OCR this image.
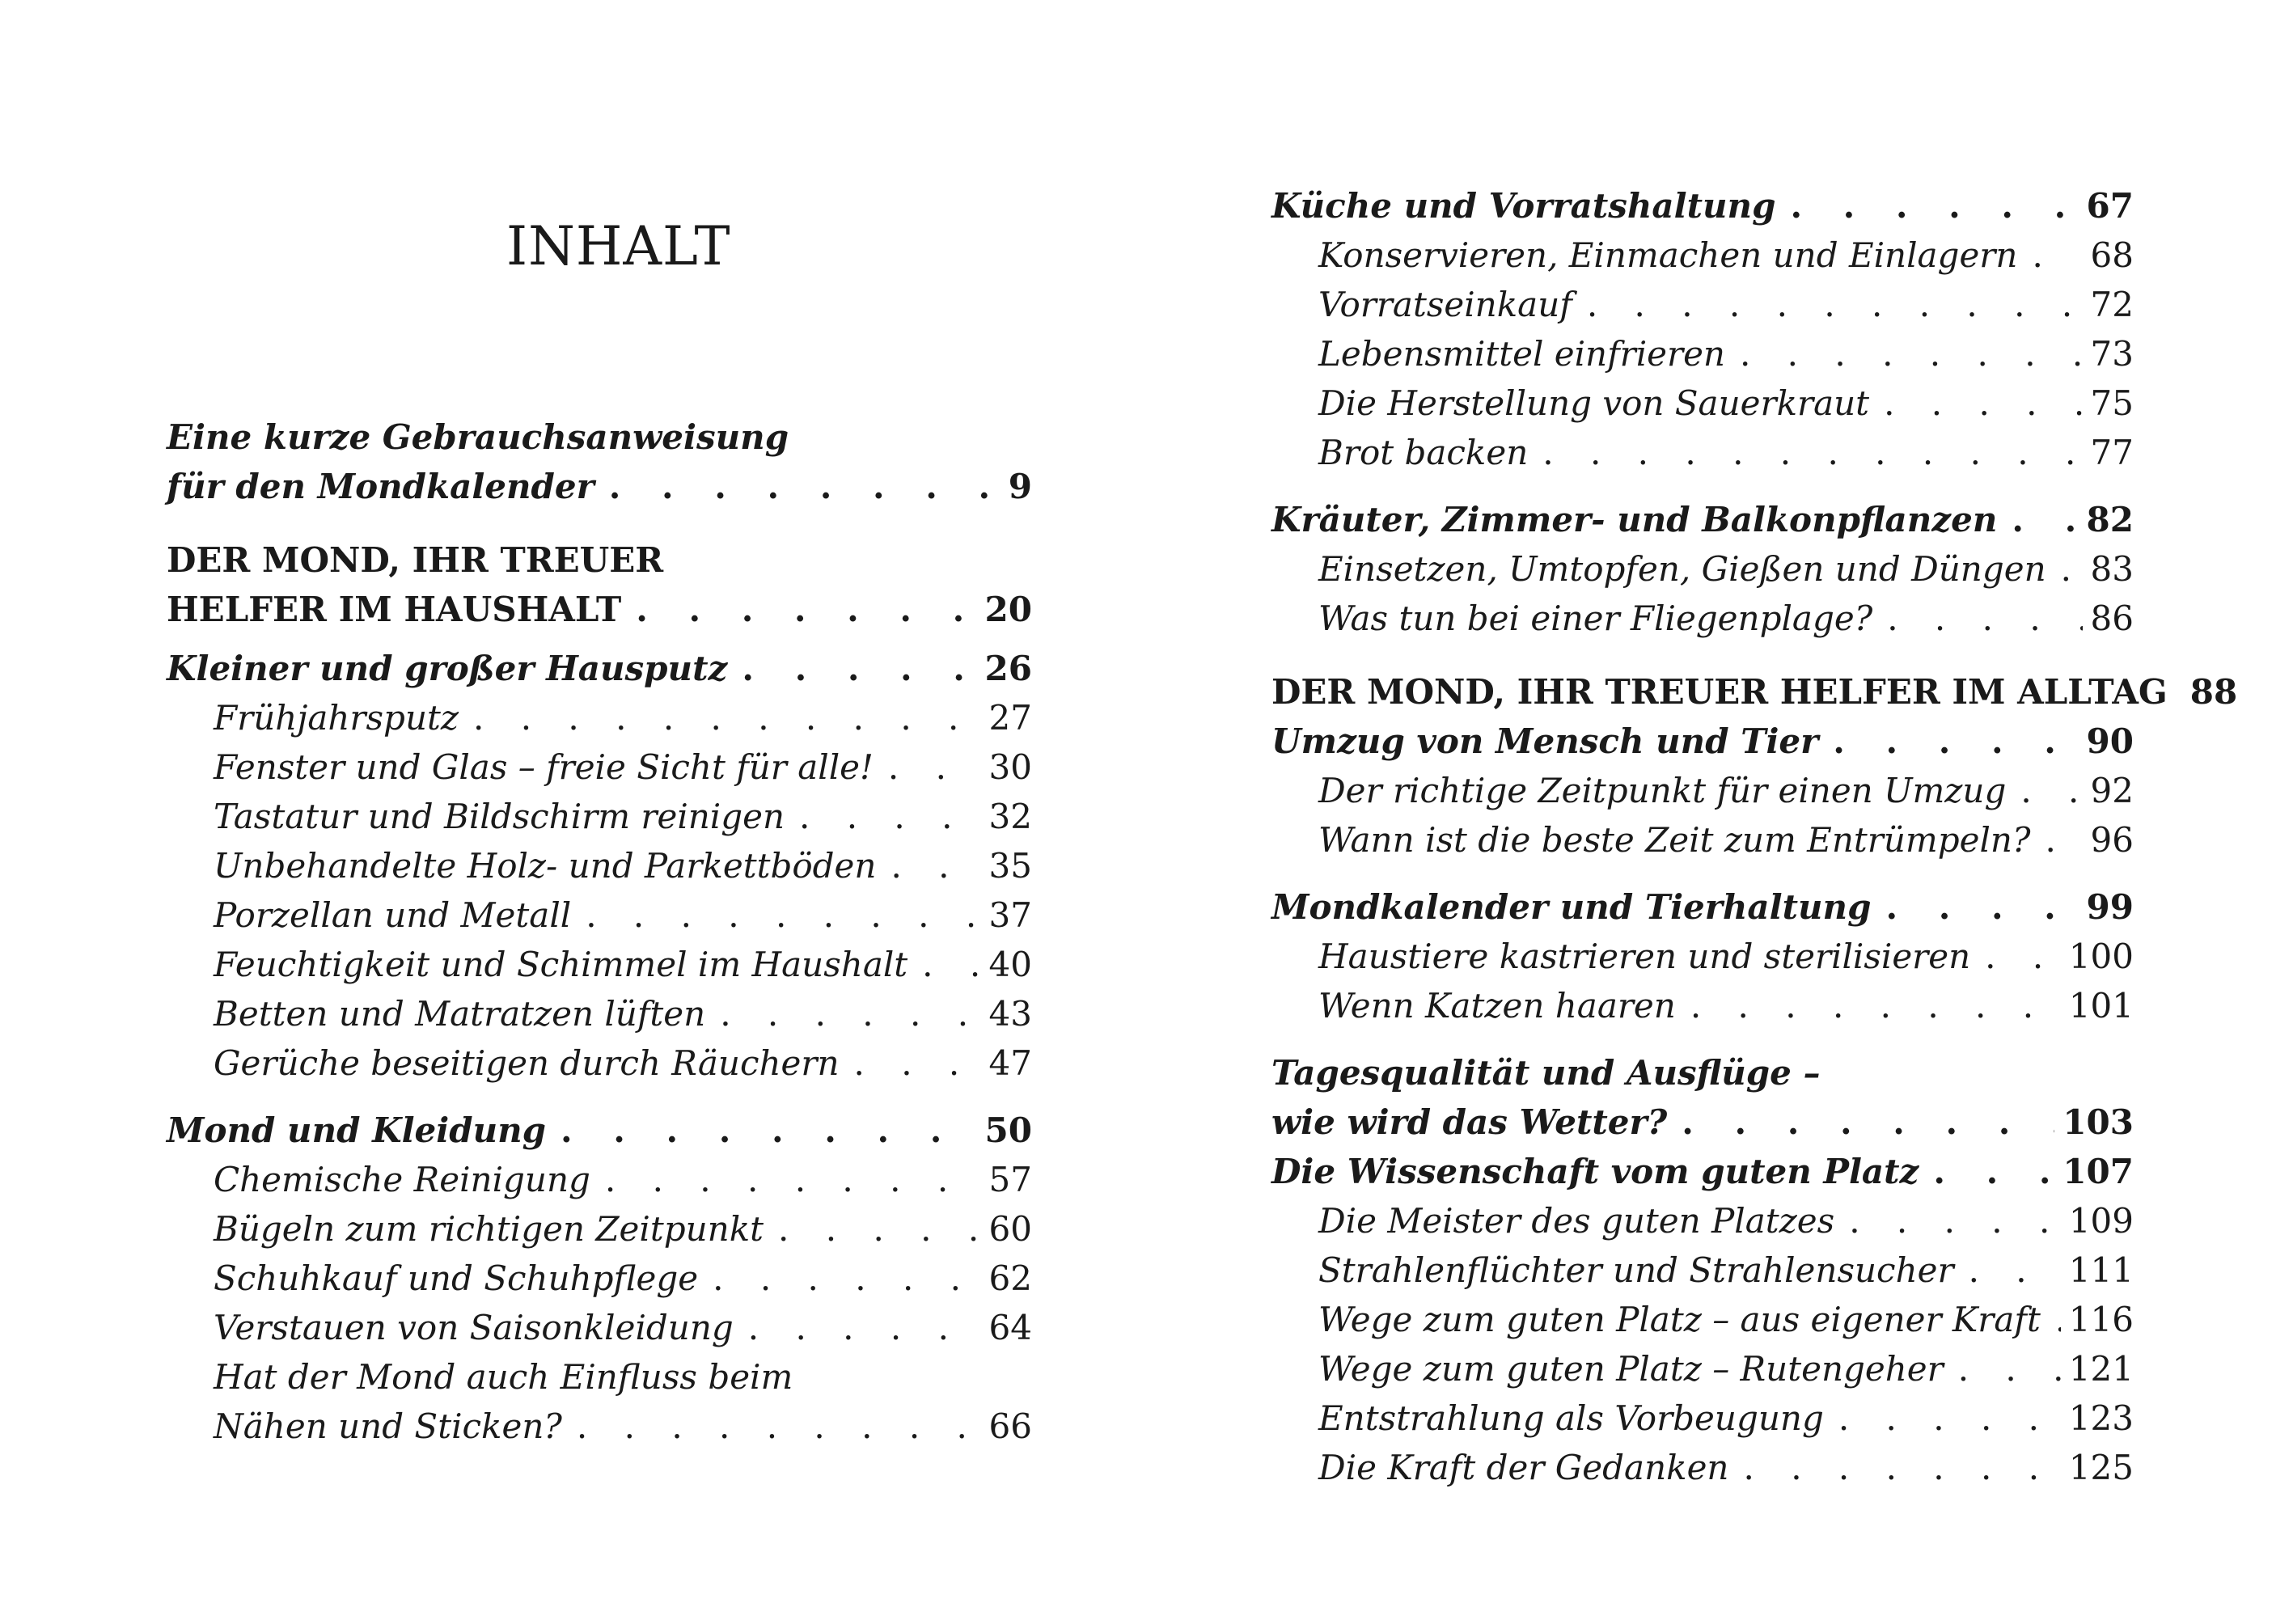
INHALT
Eine kurze Gebrauchsanweisung
für den Mondkalender . . .	9
DER MOND, IHR TREUER
HELFER IM HAUSHALT . . .	20
Kleiner und großer Hausputz . . .	26
Frühjahrsputz . . .	27
Fenster und Glas – freie Sicht für alle! . . .	30
Tastatur und Bildschirm reinigen . . .	32
Unbehandelte Holz- und Parkettböden . . .	35
Porzellan und Metall . . .	37
Feuchtigkeit und Schimmel im Haushalt . . . 40
Betten und Matratzen lüften . . .	43
Gerüche beseitigen durch Räuchern . . .	47
Mond und Kleidung . . .	50
Chemische Reinigung . . .	57
Bügeln zum richtigen Zeitpunkt . . .	60
Schuhkauf und Schuhpflege . . .	62
Verstauen von Saisonkleidung . . .	64
Hat der Mond auch Einfluss beim
Nähen und Sticken? . . .	66
Küche und Vorratshaltung . . .	67
Konservieren, Einmachen und Einlagern . . . 68
Vorratseinkauf . . .	72
Lebensmittel einfrieren . . .	73
Die Herstellung von Sauerkraut . . .	75
Brot backen . . .	77
Kräuter, Zimmer- und Balkonpflanzen . . .	82
Einsetzen, Umtopfen, Gießen und Düngen . . . 83
Was tun bei einer Fliegenplage? . . .	86
DER MOND, IHR TREUER HELFER IM ALLTAG 88
Umzug von Mensch und Tier . . .	90
Der richtige Zeitpunkt für einen Umzug . . . 92
Wann ist die beste Zeit zum Entrümpeln? . . . 96
Mondkalender und Tierhaltung . . .	99
Haustiere kastrieren und sterilisieren . . .	100
Wenn Katzen haaren . . .	101
Tagesqualität und Ausflüge –
wie wird das Wetter? . . .	103
Die Wissenschaft vom guten Platz . . .	107
Die Meister des guten Platzes . . .	109
Strahlenflüchter und Strahlensucher . . .	111
Wege zum guten Platz – aus eigener Kraft . . . 116
Wege zum guten Platz – Rutengeher . . .	121
Entstrahlung als Vorbeugung . . .	123
Die Kraft der Gedanken . . .	125
